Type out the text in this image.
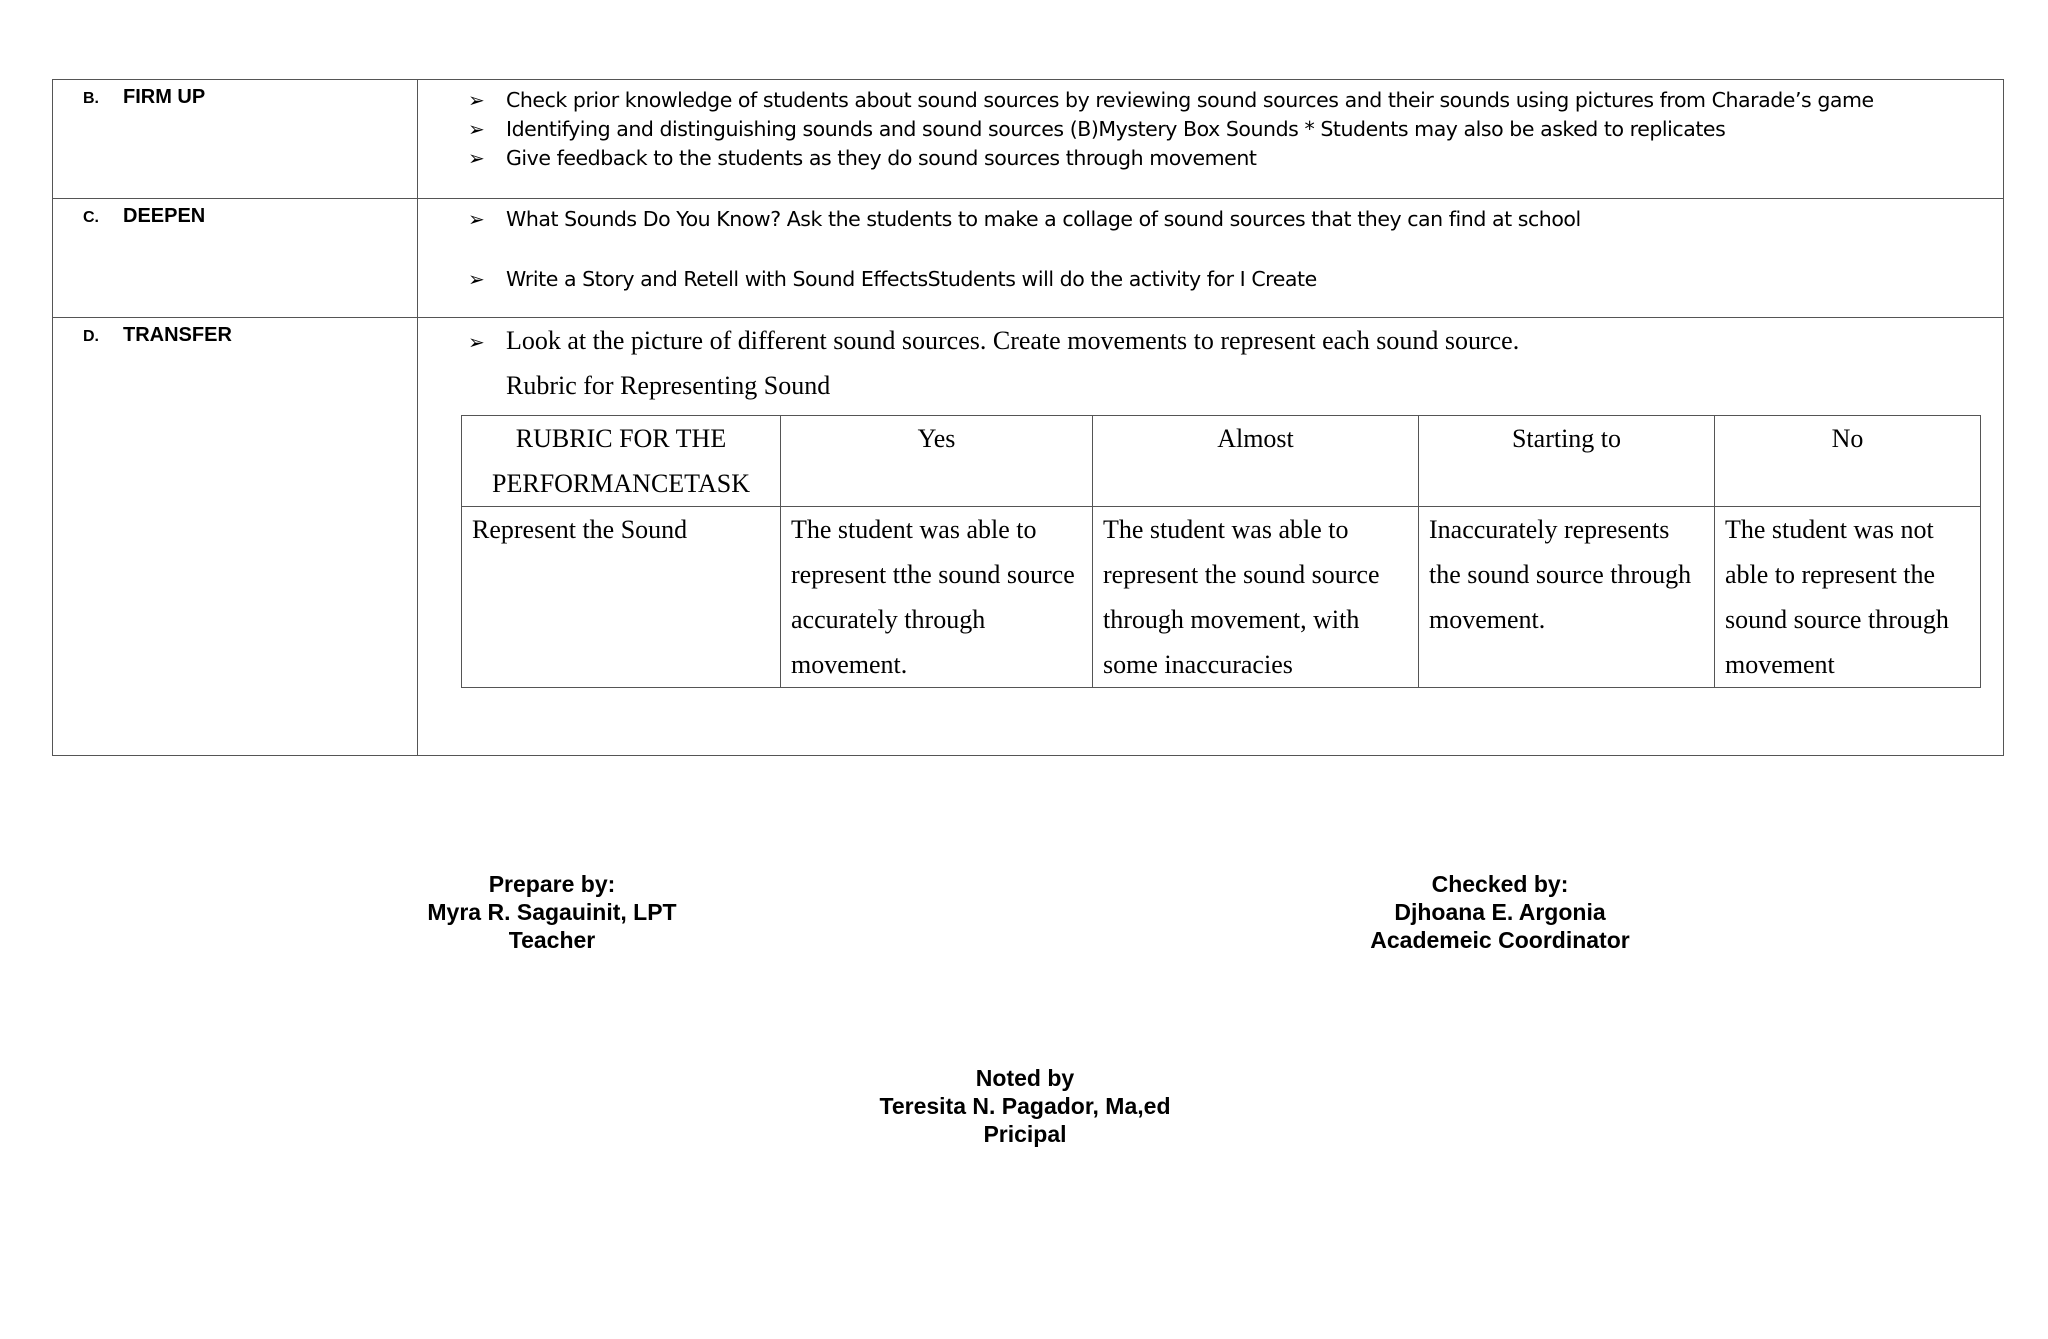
B.	FIRM UP	➢	Check prior knowledge of students about sound sources by reviewing sound sources and their sounds using pictures from Charade’s game
➢	Identifying and distinguishing sounds and sound sources (B)Mystery Box Sounds * Students may also be asked to replicates
➢	Give feedback to the students as they do sound sources through movement

C.	DEEPEN	➢	What Sounds Do You Know? Ask the students to make a collage of sound sources that they can find at school
➢	Write a Story and Retell with Sound EffectsStudents will do the activity for I Create

D.	TRANSFER	➢ Look at the picture of different sound sources. Create movements to represent each sound source.
Rubric for Representing Sound
RUBRIC FOR THE PERFORMANCETASK	Yes	Almost	Starting to	No
Represent the Sound	The student was able to represent tthe sound source accurately through movement.	The student was able to represent the sound source through movement, with some inaccuracies	Inaccurately represents the sound source through movement.	The student was not able to represent the sound source through movement
Prepare by:
Myra R. Sagauinit, LPT
Teacher
Checked by:
Djhoana E. Argonia
Academeic Coordinator
Noted by
Teresita N. Pagador, Ma,ed
Pricipal
